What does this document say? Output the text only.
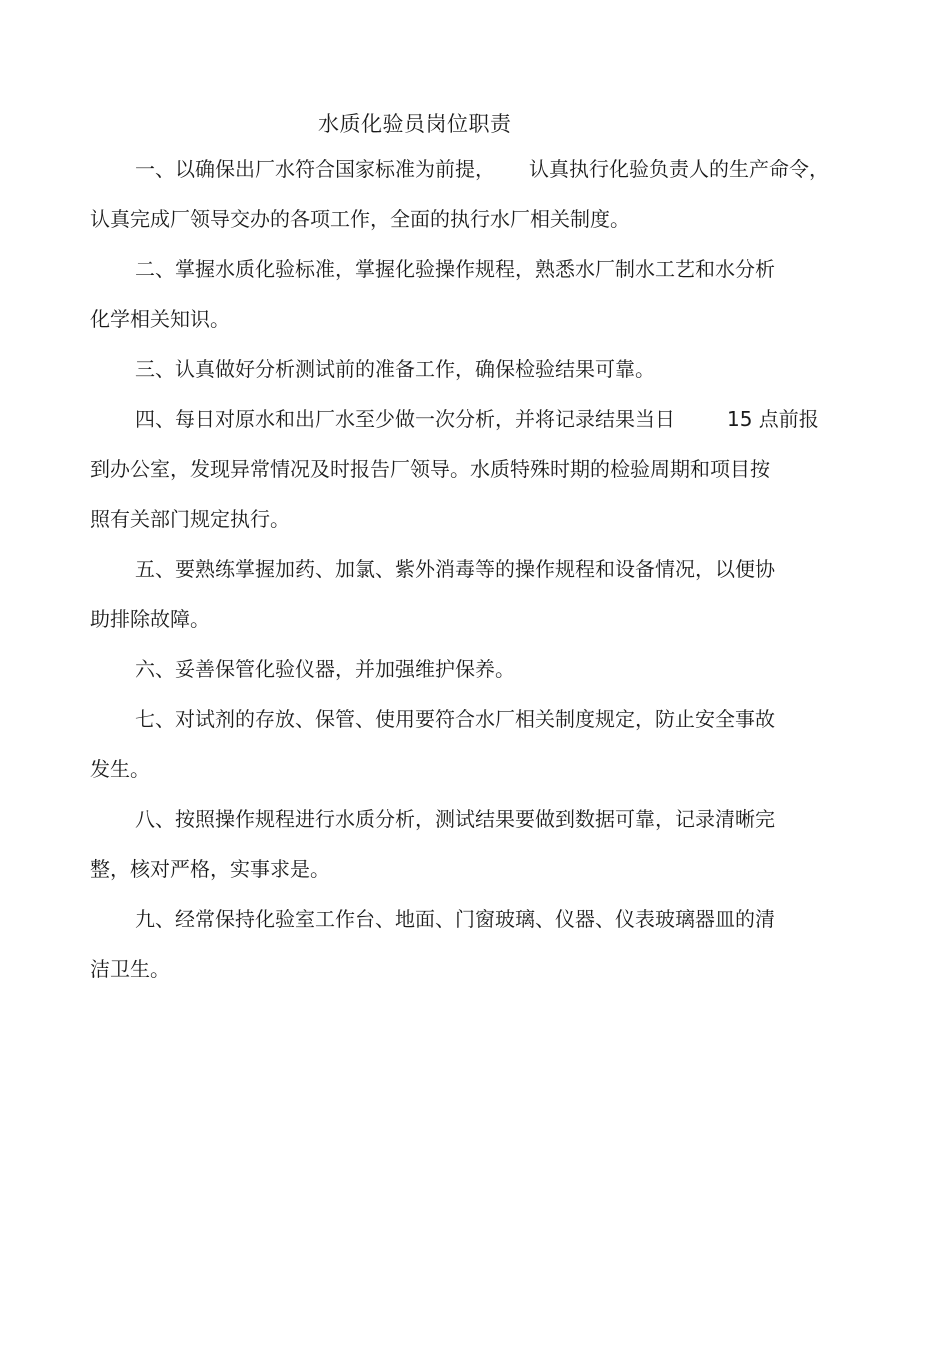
水质化验员岗位职责
一、以确保出厂水符合国家标准为前提， 认真执行化验负责人的生产命令，
认真完成厂领导交办的各项工作，全面的执行水厂相关制度。
二、掌握水质化验标准，掌握化验操作规程，熟悉水厂制水工艺和水分析
化学相关知识。
三、认真做好分析测试前的准备工作，确保检验结果可靠。
四、每日对原水和出厂水至少做一次分析，并将记录结果当日	15 点前报
到办公室，发现异常情况及时报告厂领导。水质特殊时期的检验周期和项目按
照有关部门规定执行。
五、要熟练掌握加药、加氯、紫外消毒等的操作规程和设备情况，以便协
助排除故障。
六、妥善保管化验仪器，并加强维护保养。
七、对试剂的存放、保管、使用要符合水厂相关制度规定，防止安全事故
发生。
八、按照操作规程进行水质分析，测试结果要做到数据可靠，记录清晰完
整，核对严格，实事求是。
九、经常保持化验室工作台、地面、门窗玻璃、仪器、仪表玻璃器皿的清
洁卫生。
